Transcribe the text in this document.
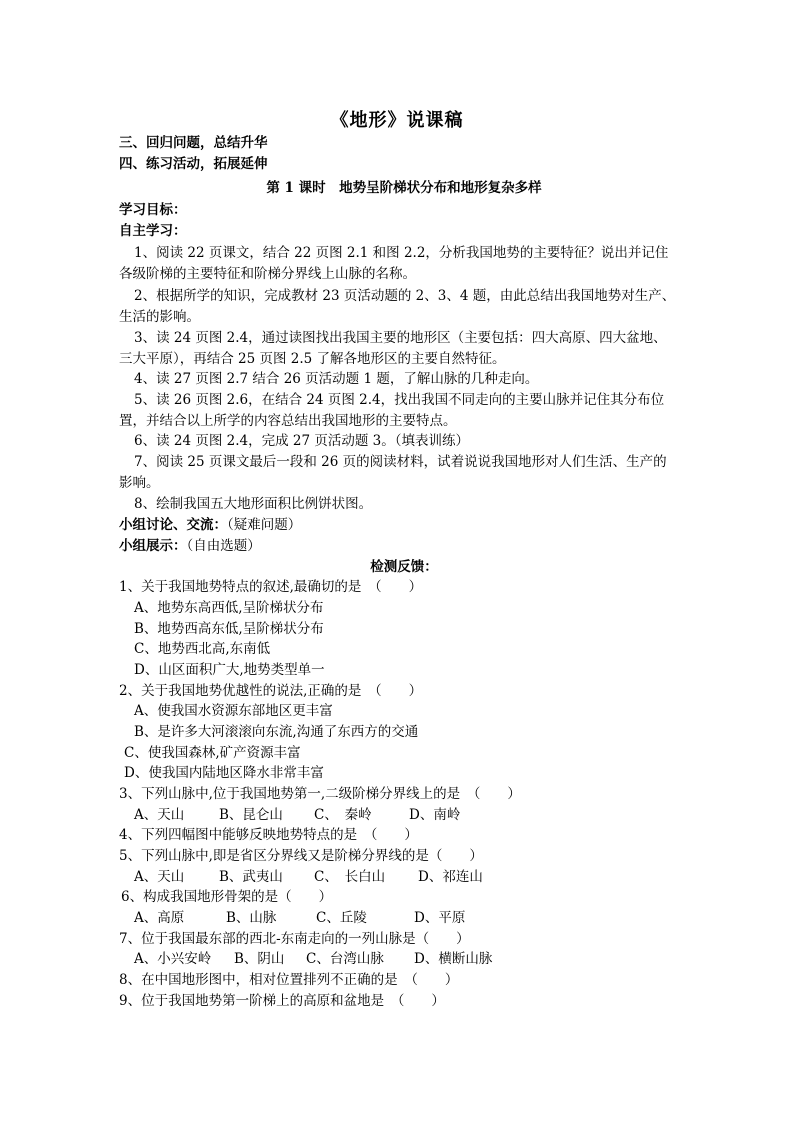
《地形》说课稿
三、回归问题，总结升华
四、练习活动，拓展延伸
第 1 课时　地势呈阶梯状分布和地形复杂多样
学习目标：
自主学习：
1、阅读 22 页课文，结合 22 页图 2.1 和图 2.2，分析我国地势的主要特征？说出并记住
各级阶梯的主要特征和阶梯分界线上山脉的名称。
2、根据所学的知识，完成教材 23 页活动题的 2、3、4 题，由此总结出我国地势对生产、
生活的影响。
3、读 24 页图 2.4，通过读图找出我国主要的地形区（主要包括：四大高原、四大盆地、
三大平原），再结合 25 页图 2.5 了解各地形区的主要自然特征。
4、读 27 页图 2.7 结合 26 页活动题 1 题，了解山脉的几种走向。
5、读 26 页图 2.6，在结合 24 页图 2.4，找出我国不同走向的主要山脉并记住其分布位
置，并结合以上所学的内容总结出我国地形的主要特点。
6、读 24 页图 2.4，完成 27 页活动题 3。（填表训练）
7、阅读 25 页课文最后一段和 26 页的阅读材料，试着说说我国地形对人们生活、生产的
影响。
8、绘制我国五大地形面积比例饼状图。
小组讨论、交流：（疑难问题）
小组展示：（自由选题）
检测反馈：
1、关于我国地势特点的叙述,最确切的是　（　　）
A、地势东高西低,呈阶梯状分布
B、地势西高东低,呈阶梯状分布
C、地势西北高,东南低
D、山区面积广大,地势类型单一
2、关于我国地势优越性的说法,正确的是　（　　）
A、使我国水资源东部地区更丰富
B、是许多大河滚滚向东流,沟通了东西方的交通
C、使我国森林,矿产资源丰富
D、使我国内陆地区降水非常丰富
3、下列山脉中,位于我国地势第一,二级阶梯分界线上的是　（　　）
A、天山	B、昆仑山	C、　秦岭	D、南岭
4、下列四幅图中能够反映地势特点的是　（　　）
5、下列山脉中,即是省区分界线又是阶梯分界线的是（　　）
A、天山	B、武夷山	C、　长白山	D、祁连山
6、构成我国地形骨架的是（　　）
A、高原	B、山脉	C、丘陵	D、平原
7、位于我国最东部的西北-东南走向的一列山脉是（　　）
A、小兴安岭	B、阴山	C、台湾山脉	D、横断山脉
8、在中国地形图中，相对位置排列不正确的是　（　　）
9、位于我国地势第一阶梯上的高原和盆地是　（　　）
